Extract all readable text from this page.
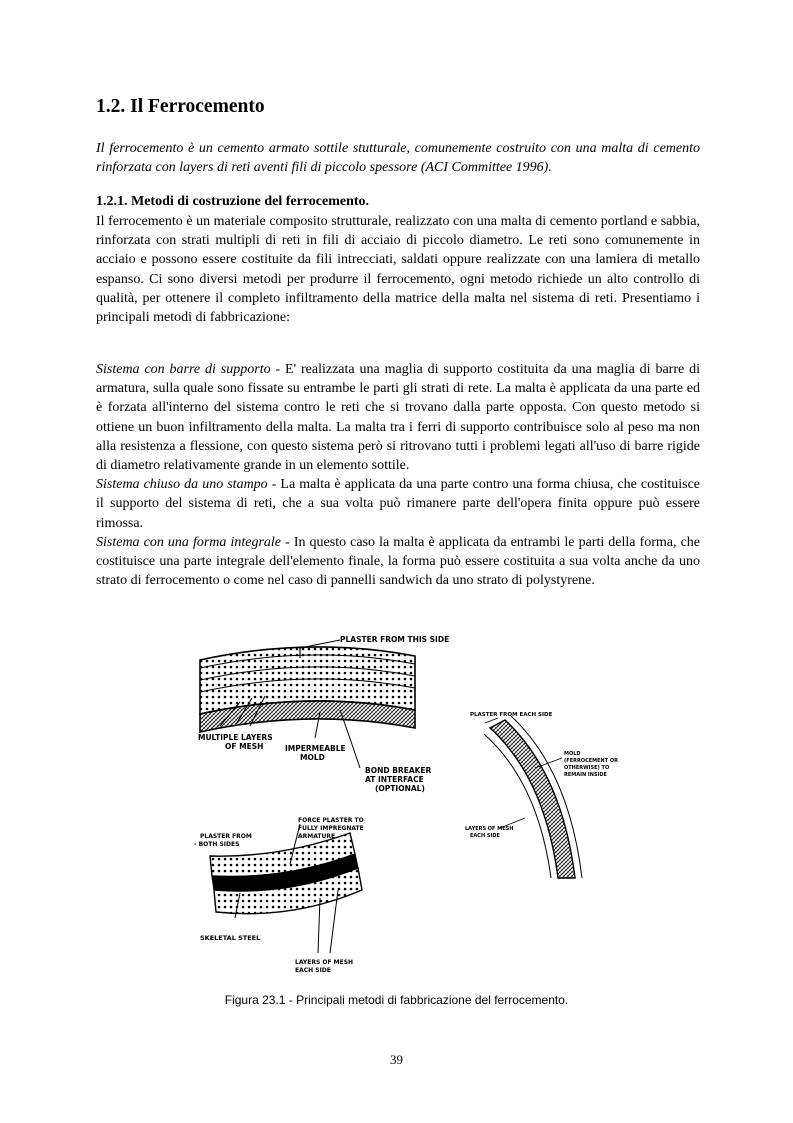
1.2. Il Ferrocemento

Il ferrocemento è un cemento armato sottile stutturale, comunemente costruito con una malta di cemento rinforzata con layers di reti aventi fili di piccolo spessore (ACI Committee 1996).

1.2.1. Metodi di costruzione del ferrocemento.

Il ferrocemento è un materiale composito strutturale, realizzato con una malta di cemento portland e sabbia, rinforzata con strati multipli di reti in fili di acciaio di piccolo diametro. Le reti sono comunemente in acciaio e possono essere costituite da fili intrecciati, saldati oppure realizzate con una lamiera di metallo espanso. Ci sono diversi metodi per produrre il ferrocemento, ogni metodo richiede un alto controllo di qualità, per ottenere il completo infiltramento della matrice della malta nel sistema di reti. Presentiamo i principali metodi di fabbricazione:

Sistema con barre di supporto - E' realizzata una maglia di supporto costituita da una maglia di barre di armatura, sulla quale sono fissate su entrambe le parti gli strati di rete. La malta è applicata da una parte ed è forzata all'interno del sistema contro le reti che si trovano dalla parte opposta. Con questo metodo si ottiene un buon infiltramento della malta. La malta tra i ferri di supporto contribuisce solo al peso ma non alla resistenza a flessione, con questo sistema però si ritrovano tutti i problemi legati all'uso di barre rigide di diametro relativamente grande in un elemento sottile.
Sistema chiuso da uno stampo - La malta è applicata da una parte contro una forma chiusa, che costituisce il supporto del sistema di reti, che a sua volta può rimanere parte dell'opera finita oppure può essere rimossa.
Sistema con una forma integrale - In questo caso la malta è applicata da entrambi le parti della forma, che costituisce una parte integrale dell'elemento finale, la forma può essere costituita a sua volta anche da uno strato di ferrocemento o come nel caso di pannelli sandwich da uno strato di polystyrene.
PLASTER FROM THIS SIDE
MULTIPLE LAYERS
OF MESH	IMPERMEABLE
MOLD
BOND BREAKER
AT INTERFACE
(OPTIONAL)
PLASTER FROM EACH SIDE
MOLD
(FERROCEMENT OR
OTHERWISE) TO
REMAIN INSIDE
LAYERS OF MESH
EACH SIDE
FORCE PLASTER TO
FULLY IMPREGNATE
ARMATURE
PLASTER FROM
- BOTH SIDES
SKELETAL STEEL
LAYERS OF MESH
EACH SIDE

Figura 23.1 - Principali metodi di fabbricazione del ferrocemento.

39
